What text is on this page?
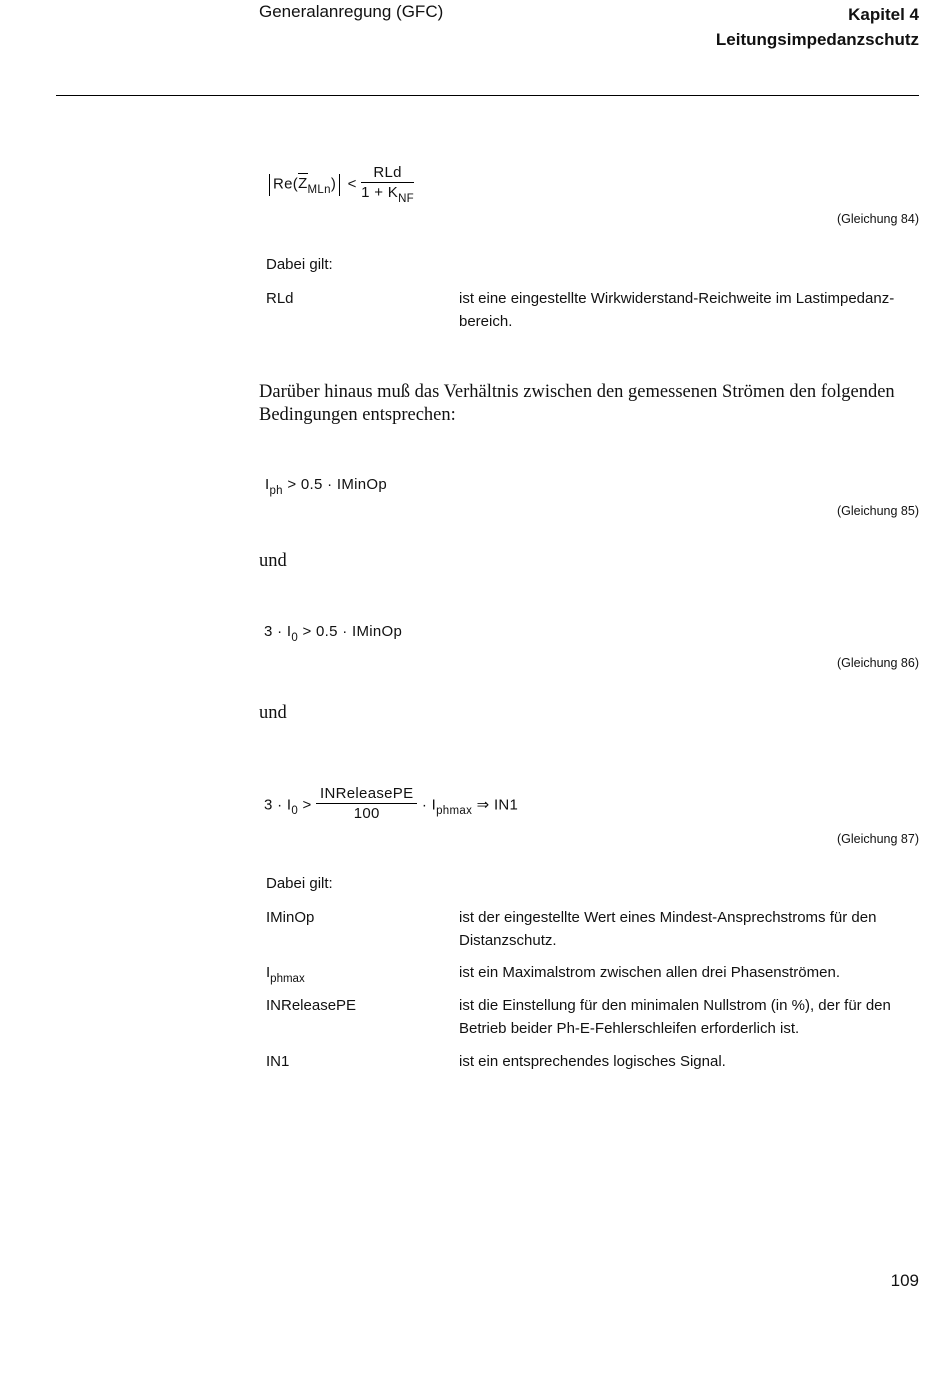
Generalanregung (GFC)	Kapitel 4
Leitungsimpedanzschutz
$Re(Z_{MLn}) < \frac{\text{RLd}}{1 + K_{NF}}$
(Gleichung 84)
Dabei gilt:
RLd	ist eine eingestellte Wirkwiderstand-Reichweite im Lastimpedanz-bereich.
Darüber hinaus muß das Verhältnis zwischen den gemessenen Strömen den folgenden Bedingungen entsprechen:
$I_{ph} > 0.5$ · IMinOp
(Gleichung 85)
und
$3 \cdot I_0 > 0.5$ · IMinOp
(Gleichung 86)
und
$3 \cdot I_0 > \frac{\text{INReleasePE}}{100} \cdot I_{phmax}$ ⇒ IN1
(Gleichung 87)
Dabei gilt:
IMinOp	ist der eingestellte Wert eines Mindest-Ansprechstroms für den Distanzschutz.
$I_{phmax}$	ist ein Maximalstrom zwischen allen drei Phasenströmen.
INReleasePE	ist die Einstellung für den minimalen Nullstrom (in %), der für den Betrieb beider Ph-E-Fehlerschleifen erforderlich ist.
IN1	ist ein entsprechendes logisches Signal.
109
